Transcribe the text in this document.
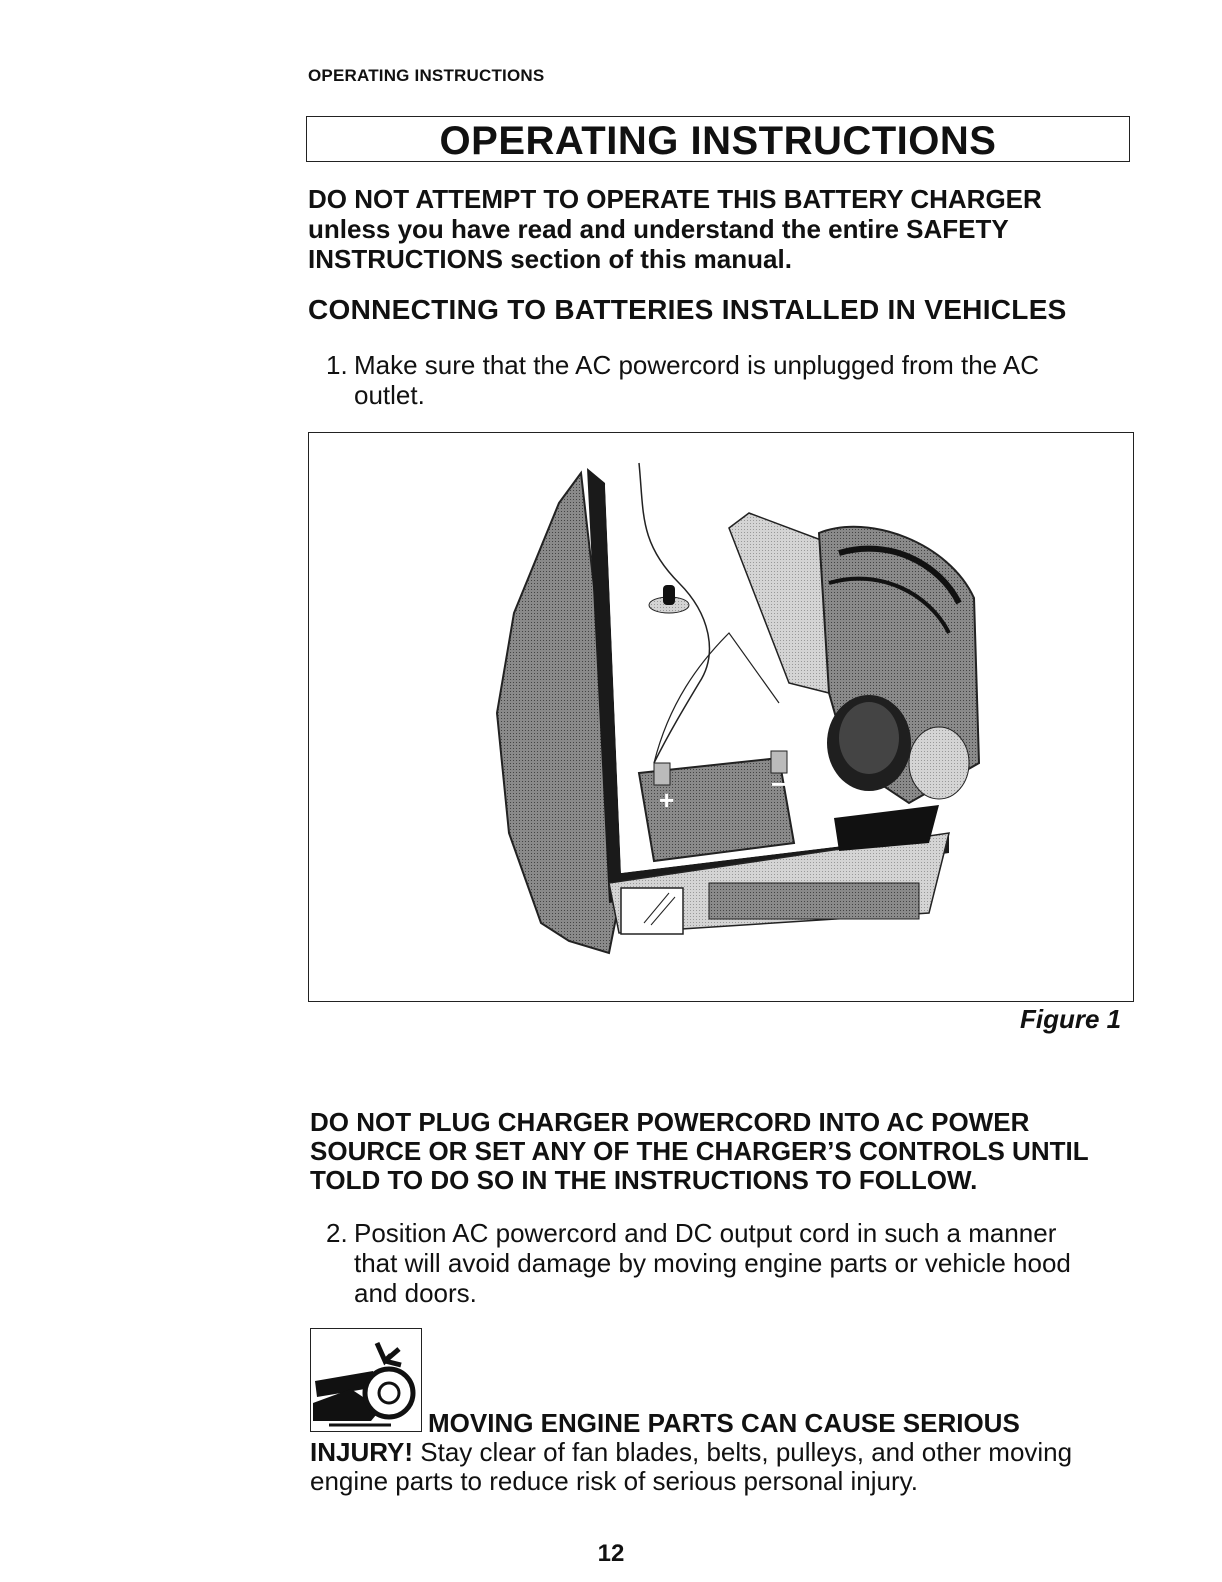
OPERATING INSTRUCTIONS
OPERATING INSTRUCTIONS
DO NOT ATTEMPT TO OPERATE THIS BATTERY CHARGER
unless you have read and understand the entire SAFETY INSTRUCTIONS section of this manual.
CONNECTING TO BATTERIES INSTALLED IN VEHICLES
1. Make sure that the AC powercord is unplugged from the AC
outlet.
+
−
Figure 1
DO NOT PLUG CHARGER POWERCORD INTO AC POWER SOURCE OR SET ANY OF THE CHARGER’S CONTROLS UNTIL TOLD TO DO SO IN THE INSTRUCTIONS TO FOLLOW.
2. Position AC powercord and DC output cord in such a manner
that will avoid damage by moving engine parts or vehicle hood
and doors.
MOVING ENGINE PARTS CAN CAUSE SERIOUS
INJURY! Stay clear of fan blades, belts, pulleys, and other moving engine parts to reduce risk of serious personal injury.
12
